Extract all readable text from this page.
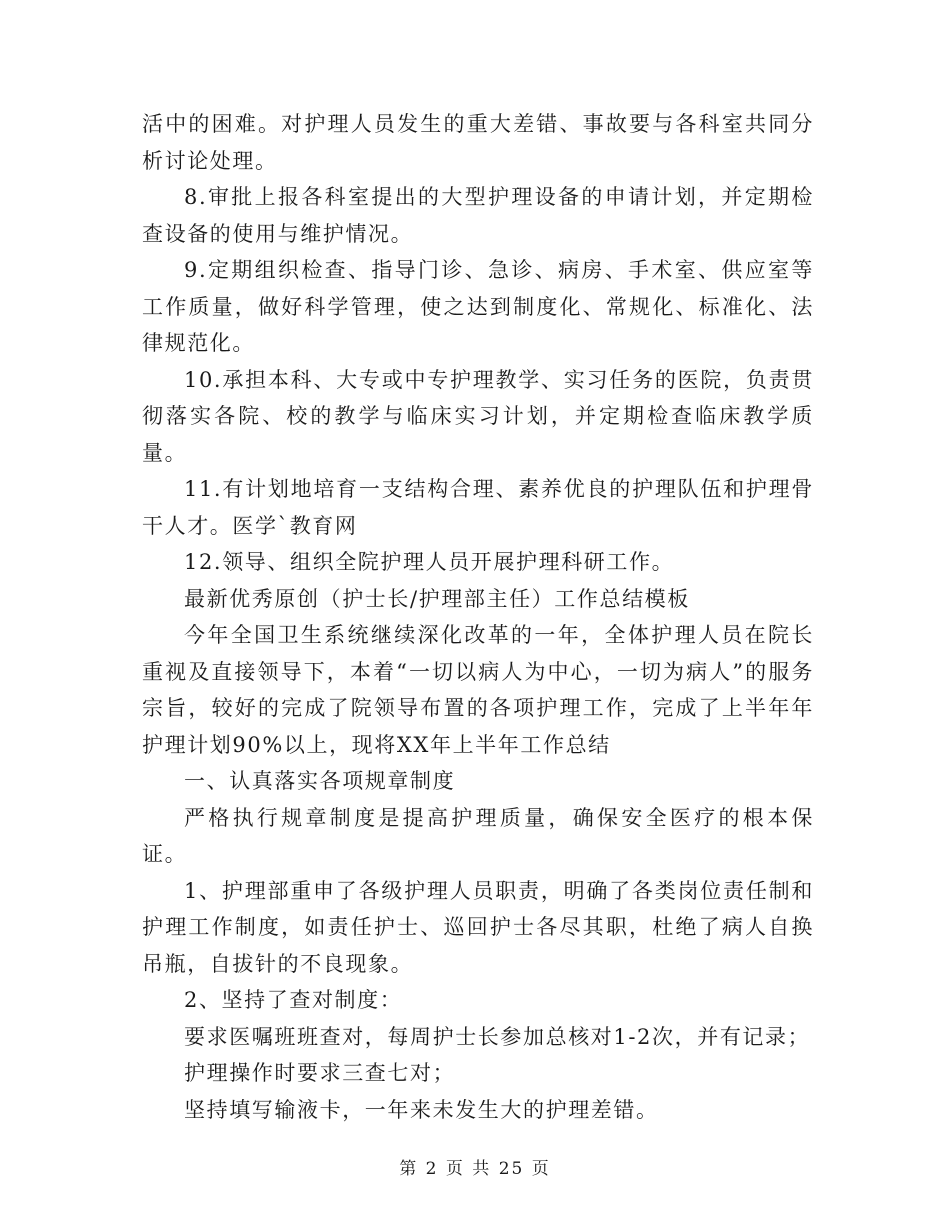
活中的困难。对护理人员发生的重大差错、事故要与各科室共同分析讨论处理。

8.审批上报各科室提出的大型护理设备的申请计划，并定期检查设备的使用与维护情况。

9.定期组织检查、指导门诊、急诊、病房、手术室、供应室等工作质量，做好科学管理，使之达到制度化、常规化、标准化、法律规范化。

10.承担本科、大专或中专护理教学、实习任务的医院，负责贯彻落实各院、校的教学与临床实习计划，并定期检查临床教学质量。

11.有计划地培育一支结构合理、素养优良的护理队伍和护理骨干人才。医学`教育网

12.领导、组织全院护理人员开展护理科研工作。

最新优秀原创（护士长/护理部主任）工作总结模板

今年全国卫生系统继续深化改革的一年，全体护理人员在院长重视及直接领导下，本着“一切以病人为中心，一切为病人”的服务宗旨，较好的完成了院领导布置的各项护理工作，完成了上半年年护理计划90%以上，现将XX年上半年工作总结

一、认真落实各项规章制度

严格执行规章制度是提高护理质量，确保安全医疗的根本保证。

1、护理部重申了各级护理人员职责，明确了各类岗位责任制和护理工作制度，如责任护士、巡回护士各尽其职，杜绝了病人自换吊瓶，自拔针的不良现象。

2、坚持了查对制度：

要求医嘱班班查对，每周护士长参加总核对1-2次，并有记录；

护理操作时要求三查七对；

坚持填写输液卡，一年来未发生大的护理差错。

第 2 页 共 25 页
